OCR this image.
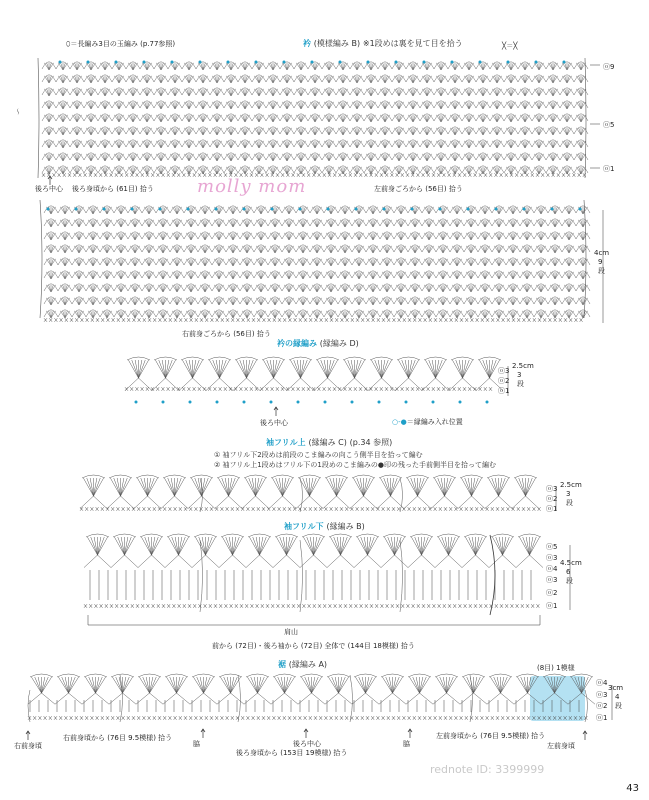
molly mom
⬯＝長編み3目の玉編み (p.77参照)	衿 (模様編み B) ※1段めは裏を見て目を拾う	╳＝╳
〜
後ろ中心 後ろ身頃から (61目) 拾う	左前身ごろから (56目) 拾う
右前身ごろから (56目) 拾う
ⓞ9
ⓞ5
ⓞ1
4cm
9
段
衿の縁編み (縁編み D)
後ろ中心	○-●＝縁編み入れ位置
ⓞ3
ⓞ2
ⓞ1
2.5cm
3
段
袖フリル上 (縁編み C) (p.34 参照)
① 袖フリル下2段めは前段のこま編みの向こう側半目を拾って編む
② 袖フリル上1段めはフリル下の1段めのこま編みの●印の残った手前側半目を拾って編む
ⓞ3
ⓞ2
ⓞ1
2.5cm
3
段
袖フリル下 (縁編み B)
ⓞ5
ⓞ3
ⓞ4
ⓞ3
ⓞ2
ⓞ1
4.5cm
6
段
肩山
前から (72目)・後ろ袖から (72目) 全体で (144目 18模様) 拾う
裾 (縁編み A)	(8目) 1模様
ⓞ4
ⓞ3
ⓞ2
ⓞ1
3cm
4
段
右前身頃
右前身頃から (76目 9.5模様) 拾う
脇	後ろ中心
後ろ身頃から (153目 19模様) 拾う
脇
左前身頃から (76目 9.5模様) 拾う
左前身頃
rednote ID: 3399999
43
